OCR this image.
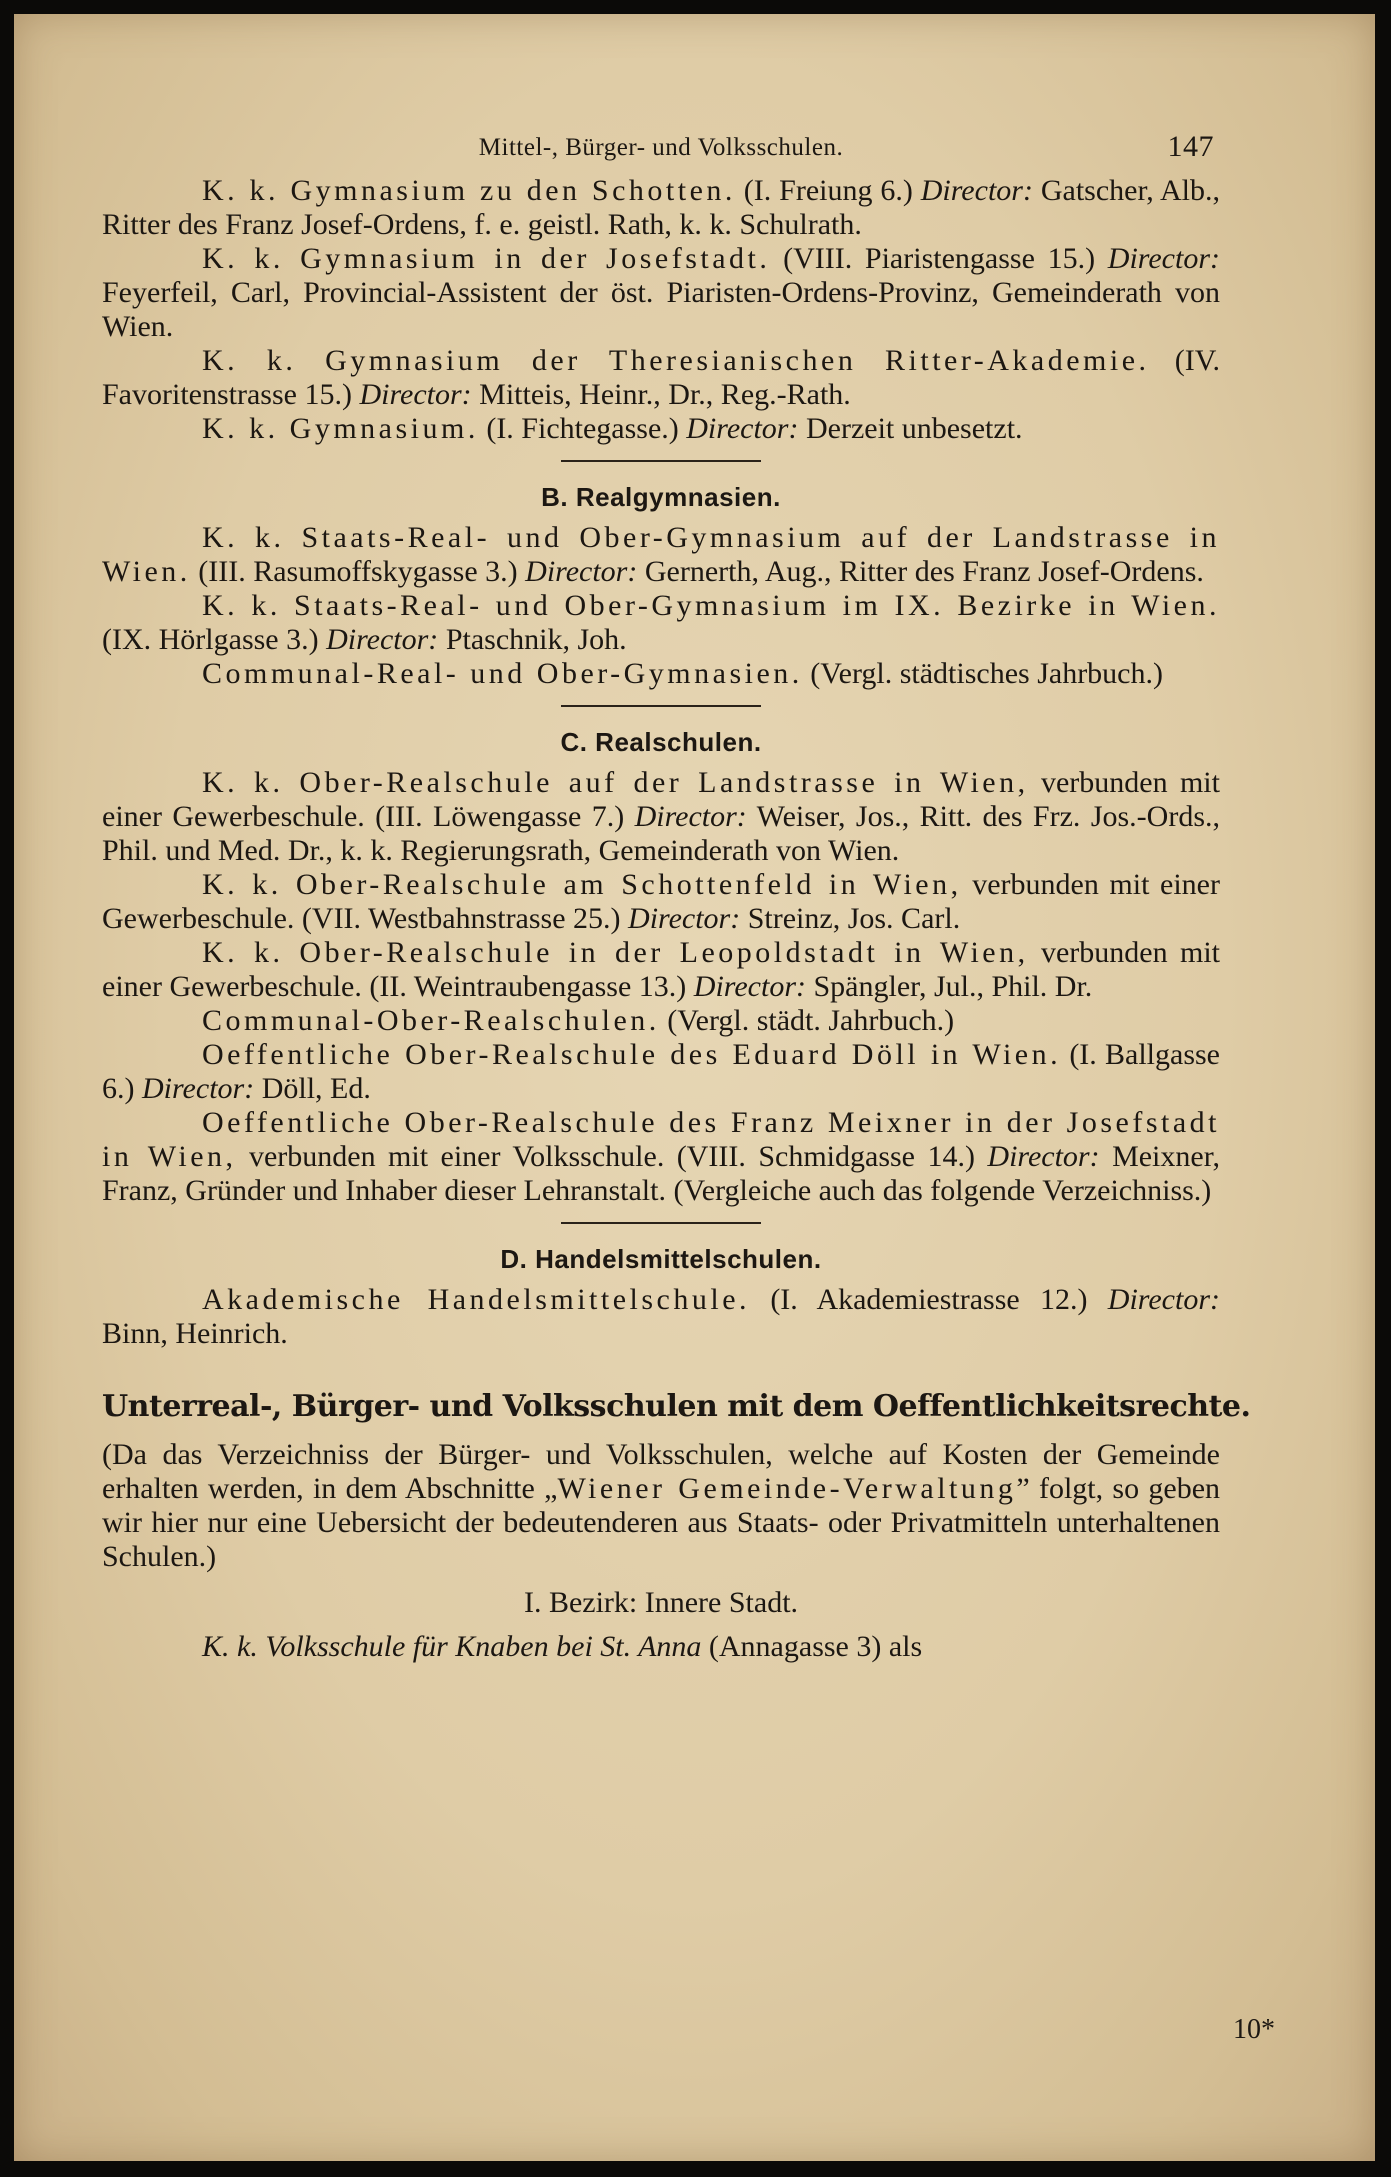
Mittel-, Bürger- und Volksschulen.	147

K. k. Gymnasium zu den Schotten. (I. Freiung 6.) Director: Gatscher, Alb., Ritter des Franz Josef-Ordens, f. e. geistl. Rath, k. k. Schulrath.

K. k. Gymnasium in der Josefstadt. (VIII. Piaristengasse 15.) Director: Feyerfeil, Carl, Provincial-Assistent der öst. Piaristen-Ordens-Provinz, Gemeinderath von Wien.

K. k. Gymnasium der Theresianischen Ritter-Akademie. (IV. Favoritenstrasse 15.) Director: Mitteis, Heinr., Dr., Reg.-Rath.

K. k. Gymnasium. (I. Fichtegasse.) Director: Derzeit unbesetzt.

B. Realgymnasien.

K. k. Staats-Real- und Ober-Gymnasium auf der Landstrasse in Wien. (III. Rasumoffskygasse 3.) Director: Gernerth, Aug., Ritter des Franz Josef-Ordens.

K. k. Staats-Real- und Ober-Gymnasium im IX. Bezirke in Wien. (IX. Hörlgasse 3.) Director: Ptaschnik, Joh.

Communal-Real- und Ober-Gymnasien. (Vergl. städtisches Jahrbuch.)

C. Realschulen.

K. k. Ober-Realschule auf der Landstrasse in Wien, verbunden mit einer Gewerbeschule. (III. Löwengasse 7.) Director: Weiser, Jos., Ritt. des Frz. Jos.-Ords., Phil. und Med. Dr., k. k. Regierungsrath, Gemeinderath von Wien.

K. k. Ober-Realschule am Schottenfeld in Wien, verbunden mit einer Gewerbeschule. (VII. Westbahnstrasse 25.) Director: Streinz, Jos. Carl.

K. k. Ober-Realschule in der Leopoldstadt in Wien, verbunden mit einer Gewerbeschule. (II. Weintraubengasse 13.) Director: Spängler, Jul., Phil. Dr.

Communal-Ober-Realschulen. (Vergl. städt. Jahrbuch.)

Oeffentliche Ober-Realschule des Eduard Döll in Wien. (I. Ballgasse 6.) Director: Döll, Ed.

Oeffentliche Ober-Realschule des Franz Meixner in der Josefstadt in Wien, verbunden mit einer Volksschule. (VIII. Schmidgasse 14.) Director: Meixner, Franz, Gründer und Inhaber dieser Lehranstalt. (Vergleiche auch das folgende Verzeichniss.)

D. Handelsmittelschulen.

Akademische Handelsmittelschule. (I. Akademiestrasse 12.) Director: Binn, Heinrich.

Unterreal-, Bürger- und Volksschulen mit dem Oeffentlichkeitsrechte.

(Da das Verzeichniss der Bürger- und Volksschulen, welche auf Kosten der Gemeinde erhalten werden, in dem Abschnitte „Wiener Gemeinde-Verwaltung” folgt, so geben wir hier nur eine Uebersicht der bedeutenderen aus Staats- oder Privatmitteln unterhaltenen Schulen.)

I. Bezirk: Innere Stadt.

K. k. Volksschule für Knaben bei St. Anna (Annagasse 3) als

10*
